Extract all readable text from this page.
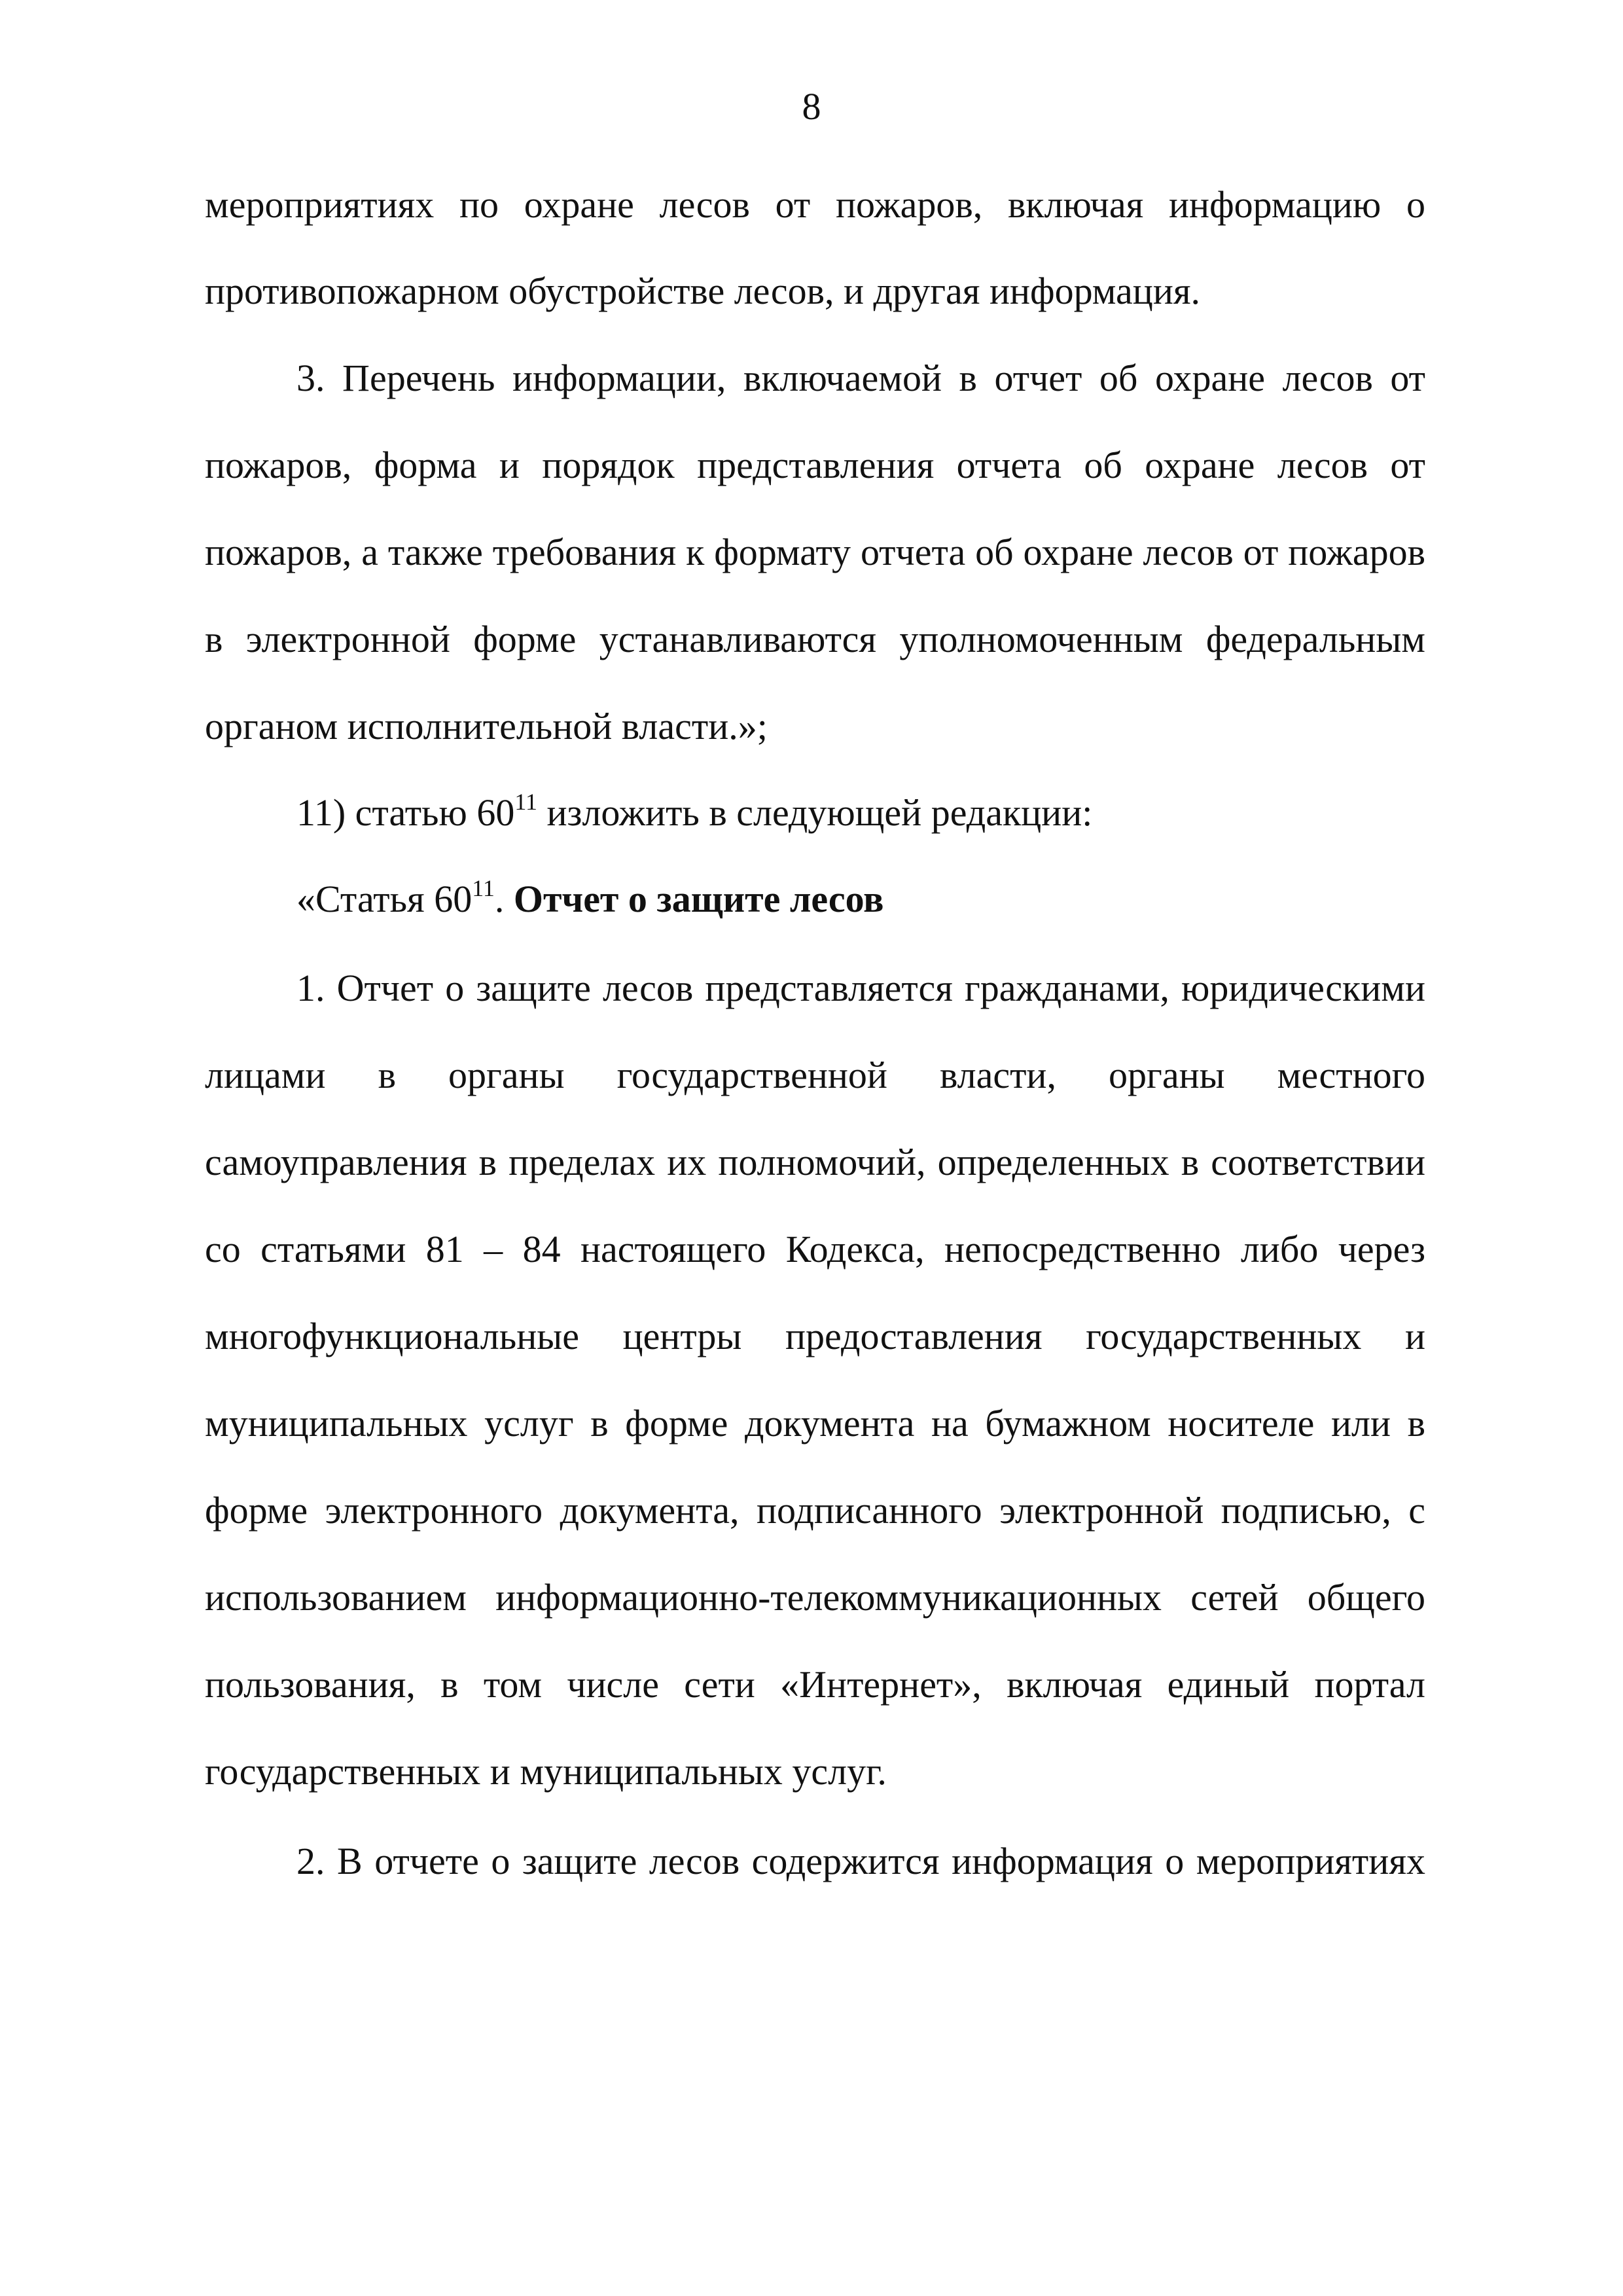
8
мероприятиях по охране лесов от пожаров, включая информацию о
противопожарном обустройстве лесов, и другая информация.
3. Перечень информации, включаемой в отчет об охране лесов от
пожаров, форма и порядок представления отчета об охране лесов от
пожаров, а также требования к формату отчета об охране лесов от пожаров
в электронной форме устанавливаются уполномоченным федеральным
органом исполнительной власти.»;
11) статью $60^{11}$ изложить в следующей редакции:
«Статья $60^{11}$. Отчет о защите лесов
1. Отчет о защите лесов представляется гражданами, юридическими
лицами в органы государственной власти, органы местного
самоуправления в пределах их полномочий, определенных в соответствии
со статьями 81 – 84 настоящего Кодекса, непосредственно либо через
многофункциональные центры предоставления государственных и
муниципальных услуг в форме документа на бумажном носителе или в
форме электронного документа, подписанного электронной подписью, с
использованием информационно-телекоммуникационных сетей общего
пользования, в том числе сети «Интернет», включая единый портал
государственных и муниципальных услуг.
2. В отчете о защите лесов содержится информация о мероприятиях
